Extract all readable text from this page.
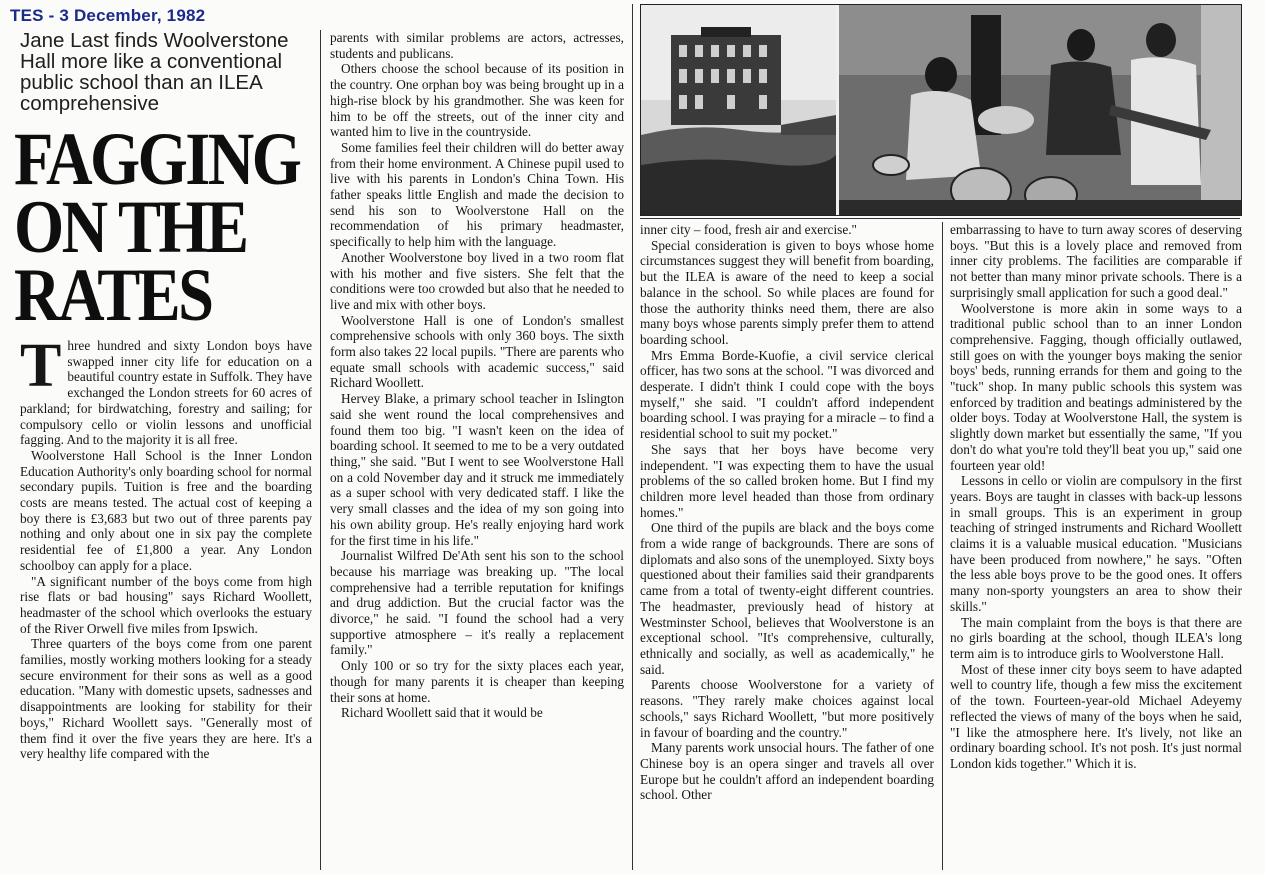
TES - 3 December, 1982
Jane Last finds Woolverstone Hall more like a conventional public school than an ILEA comprehensive
FAGGING
ON THE
RATES

Three hundred and sixty London boys have swapped inner city life for education on a beautiful country estate in Suffolk. They have exchanged the London streets for 60 acres of parkland; for birdwatching, forestry and sailing; for compulsory cello or violin lessons and unofficial fagging. And to the majority it is all free.

Woolverstone Hall School is the Inner London Education Authority's only boarding school for normal secondary pupils. Tuition is free and the boarding costs are means tested. The actual cost of keeping a boy there is £3,683 but two out of three parents pay nothing and only about one in six pay the complete residential fee of £1,800 a year. Any London schoolboy can apply for a place.

"A significant number of the boys come from high rise flats or bad housing" says Richard Woollett, headmaster of the school which overlooks the estuary of the River Orwell five miles from Ipswich.

Three quarters of the boys come from one parent families, mostly working mothers looking for a steady secure environment for their sons as well as a good education. "Many with domestic upsets, sadnesses and disappointments are looking for stability for their boys," Richard Woollett says. "Generally most of them find it over the five years they are here. It's a very healthy life compared with the

parents with similar problems are actors, actresses, students and publicans.

Others choose the school because of its position in the country. One orphan boy was being brought up in a high-rise block by his grandmother. She was keen for him to be off the streets, out of the inner city and wanted him to live in the countryside.

Some families feel their children will do better away from their home environment. A Chinese pupil used to live with his parents in London's China Town. His father speaks little English and made the decision to send his son to Woolverstone Hall on the recommendation of his primary headmaster, specifically to help him with the language.

Another Woolverstone boy lived in a two room flat with his mother and five sisters. She felt that the conditions were too crowded but also that he needed to live and mix with other boys.

Woolverstone Hall is one of London's smallest comprehensive schools with only 360 boys. The sixth form also takes 22 local pupils. "There are parents who equate small schools with academic success," said Richard Woollett.

Hervey Blake, a primary school teacher in Islington said she went round the local comprehensives and found them too big. "I wasn't keen on the idea of boarding school. It seemed to me to be a very outdated thing," she said. "But I went to see Woolverstone Hall on a cold November day and it struck me immediately as a super school with very dedicated staff. I like the very small classes and the idea of my son going into his own ability group. He's really enjoying hard work for the first time in his life."

Journalist Wilfred De'Ath sent his son to the school because his marriage was breaking up. "The local comprehensive had a terrible reputation for knifings and drug addiction. But the crucial factor was the divorce," he said. "I found the school had a very supportive atmosphere – it's really a replacement family."

Only 100 or so try for the sixty places each year, though for many parents it is cheaper than keeping their sons at home.

Richard Woollett said that it would be

inner city – food, fresh air and exercise."

Special consideration is given to boys whose home circumstances suggest they will benefit from boarding, but the ILEA is aware of the need to keep a social balance in the school. So while places are found for those the authority thinks need them, there are also many boys whose parents simply prefer them to attend boarding school.

Mrs Emma Borde-Kuofie, a civil service clerical officer, has two sons at the school. "I was divorced and desperate. I didn't think I could cope with the boys myself," she said. "I couldn't afford independent boarding school. I was praying for a miracle – to find a residential school to suit my pocket."

She says that her boys have become very independent. "I was expecting them to have the usual problems of the so called broken home. But I find my children more level headed than those from ordinary homes."

One third of the pupils are black and the boys come from a wide range of backgrounds. There are sons of diplomats and also sons of the unemployed. Sixty boys questioned about their families said their grandparents came from a total of twenty-eight different countries. The headmaster, previously head of history at Westminster School, believes that Woolverstone is an exceptional school. "It's comprehensive, culturally, ethnically and socially, as well as academically," he said.

Parents choose Woolverstone for a variety of reasons. "They rarely make choices against local schools," says Richard Woollett, "but more positively in favour of boarding and the country."

Many parents work unsocial hours. The father of one Chinese boy is an opera singer and travels all over Europe but he couldn't afford an independent boarding school. Other

embarrassing to have to turn away scores of deserving boys. "But this is a lovely place and removed from inner city problems. The facilities are comparable if not better than many minor private schools. There is a surprisingly small application for such a good deal."

Woolverstone is more akin in some ways to a traditional public school than to an inner London comprehensive. Fagging, though officially outlawed, still goes on with the younger boys making the senior boys' beds, running errands for them and going to the "tuck" shop. In many public schools this system was enforced by tradition and beatings administered by the older boys. Today at Woolverstone Hall, the system is slightly down market but essentially the same, "If you don't do what you're told they'll beat you up," said one fourteen year old!

Lessons in cello or violin are compulsory in the first years. Boys are taught in classes with back-up lessons in small groups. This is an experiment in group teaching of stringed instruments and Richard Woollett claims it is a valuable musical education. "Musicians have been produced from nowhere," he says. "Often the less able boys prove to be the good ones. It offers many non-sporty youngsters an area to show their skills."

The main complaint from the boys is that there are no girls boarding at the school, though ILEA's long term aim is to introduce girls to Woolverstone Hall.

Most of these inner city boys seem to have adapted well to country life, though a few miss the excitement of the town. Fourteen-year-old Michael Adeyemy reflected the views of many of the boys when he said, "I like the atmosphere here. It's lively, not like an ordinary boarding school. It's not posh. It's just normal London kids together." Which it is.
